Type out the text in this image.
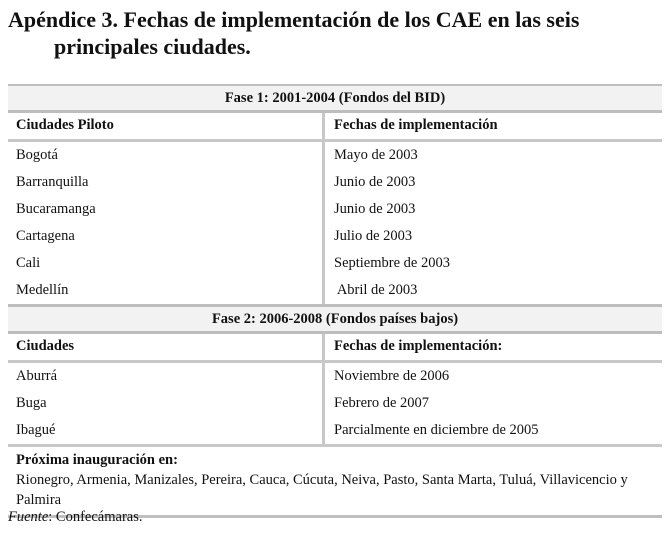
Apéndice 3. Fechas de implementación de los CAE en las seis
principales ciudades.
Fase 1: 2001-2004 (Fondos del BID)
Ciudades Piloto	Fechas de implementación
Bogotá	Mayo de 2003
Barranquilla	Junio de 2003
Bucaramanga	Junio de 2003
Cartagena	Julio de 2003
Cali	Septiembre de 2003
Medellín	Abril de 2003
Fase 2: 2006-2008 (Fondos países bajos)
Ciudades	Fechas de implementación:
Aburrá	Noviembre de 2006
Buga	Febrero de 2007
Ibagué	Parcialmente en diciembre de 2005
Próxima inauguración en:
Rionegro, Armenia, Manizales, Pereira, Cauca, Cúcuta, Neiva, Pasto, Santa Marta, Tuluá, Villavicencio y Palmira
Fuente: Confecámaras.
